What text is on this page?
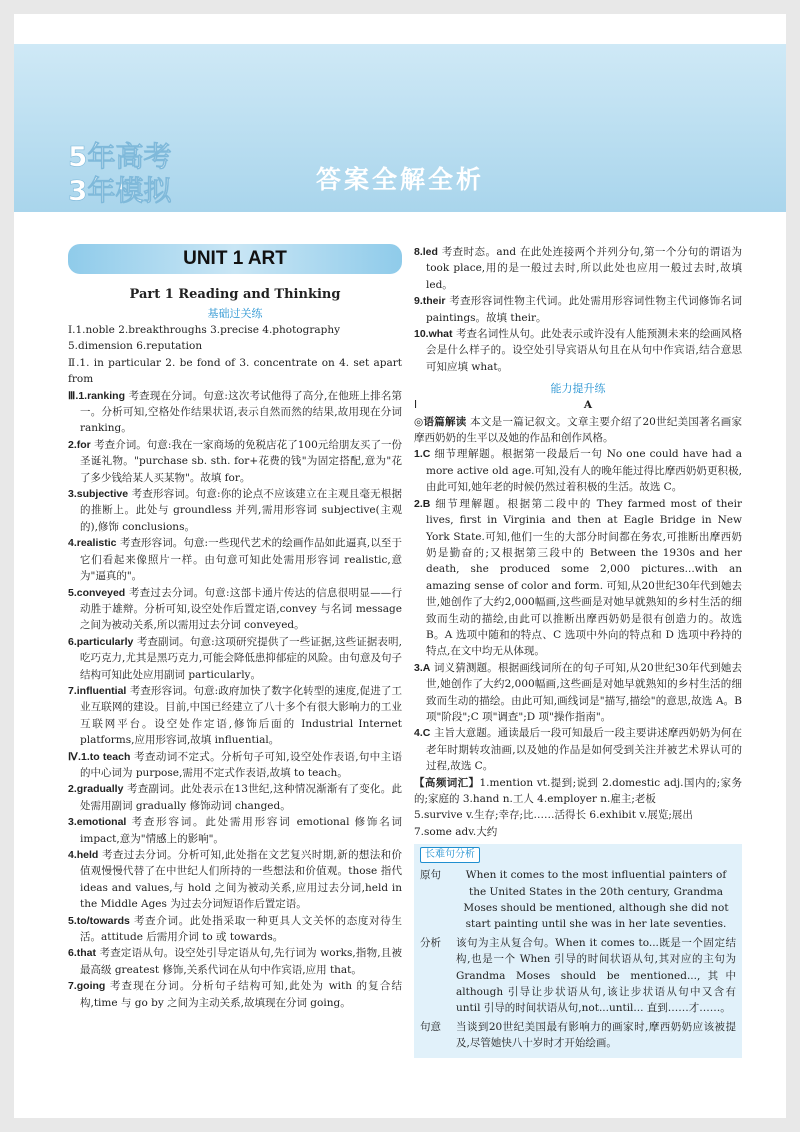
5年高考
3年模拟	答案全解全析
UNIT 1 ART
Part 1 Reading and Thinking
基础过关练

Ⅰ.1.noble 2.breakthroughs 3.precise 4.photography

5.dimension 6.reputation

Ⅱ.1. in particular 2. be fond of 3. concentrate on 4. set apart from

Ⅲ.1.ranking 考查现在分词。句意:这次考试他得了高分,在他班上排名第一。分析可知,空格处作结果状语,表示自然而然的结果,故用现在分词 ranking。

2.for 考查介词。句意:我在一家商场的免税店花了100元给朋友买了一份圣诞礼物。"purchase sb. sth. for+花费的钱"为固定搭配,意为"花了多少钱给某人买某物"。故填 for。

3.subjective 考查形容词。句意:你的论点不应该建立在主观且毫无根据的推断上。此处与 groundless 并列,需用形容词 subjective(主观的),修饰 conclusions。

4.realistic 考查形容词。句意:一些现代艺术的绘画作品如此逼真,以至于它们看起来像照片一样。由句意可知此处需用形容词 realistic,意为"逼真的"。

5.conveyed 考查过去分词。句意:这部卡通片传达的信息很明显——行动胜于雄辩。分析可知,设空处作后置定语,convey 与名词 message 之间为被动关系,所以需用过去分词 conveyed。

6.particularly 考查副词。句意:这项研究提供了一些证据,这些证据表明,吃巧克力,尤其是黑巧克力,可能会降低患抑郁症的风险。由句意及句子结构可知此处应用副词 particularly。

7.influential 考查形容词。句意:政府加快了数字化转型的速度,促进了工业互联网的建设。目前,中国已经建立了八十多个有很大影响力的工业互联网平台。设空处作定语,修饰后面的 Industrial Internet platforms,应用形容词,故填 influential。

Ⅳ.1.to teach 考查动词不定式。分析句子可知,设空处作表语,句中主语的中心词为 purpose,需用不定式作表语,故填 to teach。

2.gradually 考查副词。此处表示在13世纪,这种情况渐渐有了变化。此处需用副词 gradually 修饰动词 changed。

3.emotional 考查形容词。此处需用形容词 emotional 修饰名词 impact,意为"情感上的影响"。

4.held 考查过去分词。分析可知,此处指在文艺复兴时期,新的想法和价值观慢慢代替了在中世纪人们所持的一些想法和价值观。those 指代 ideas and values,与 hold 之间为被动关系,应用过去分词,held in the Middle Ages 为过去分词短语作后置定语。

5.to/towards 考查介词。此处指采取一种更具人文关怀的态度对待生活。attitude 后需用介词 to 或 towards。

6.that 考查定语从句。设空处引导定语从句,先行词为 works,指物,且被最高级 greatest 修饰,关系代词在从句中作宾语,应用 that。

7.going 考查现在分词。分析句子结构可知,此处为 with 的复合结构,time 与 go by 之间为主动关系,故填现在分词 going。

8.led 考查时态。and 在此处连接两个并列分句,第一个分句的谓语为 took place,用的是一般过去时,所以此处也应用一般过去时,故填 led。

9.their 考查形容词性物主代词。此处需用形容词性物主代词修饰名词 paintings。故填 their。

10.what 考查名词性从句。此处表示或许没有人能预测未来的绘画风格会是什么样子的。设空处引导宾语从句且在从句中作宾语,结合意思可知应填 what。

能力提升练
Ⅰ	A

◎语篇解读 本文是一篇记叙文。文章主要介绍了20世纪美国著名画家摩西奶奶的生平以及她的作品和创作风格。

1.C 细节理解题。根据第一段最后一句 No one could have had a more active old age.可知,没有人的晚年能过得比摩西奶奶更积极,由此可知,她年老的时候仍然过着积极的生活。故选 C。

2.B 细节理解题。根据第二段中的 They farmed most of their lives, first in Virginia and then at Eagle Bridge in New York State.可知,他们一生的大部分时间都在务农,可推断出摩西奶奶是勤奋的;又根据第三段中的 Between the 1930s and her death, she produced some 2,000 pictures...with an amazing sense of color and form. 可知,从20世纪30年代到她去世,她创作了大约2,000幅画,这些画是对她早就熟知的乡村生活的细致而生动的描绘,由此可以推断出摩西奶奶是很有创造力的。故选 B。A 选项中随和的特点、C 选项中外向的特点和 D 选项中矜持的特点,在文中均无从体现。

3.A 词义猜测题。根据画线词所在的句子可知,从20世纪30年代到她去世,她创作了大约2,000幅画,这些画是对她早就熟知的乡村生活的细致而生动的描绘。由此可知,画线词是"描写,描绘"的意思,故选 A。B 项"阶段";C 项"调查";D 项"操作指南"。

4.C 主旨大意题。通读最后一段可知最后一段主要讲述摩西奶奶为何在老年时期转攻油画,以及她的作品是如何受到关注并被艺术界认可的过程,故选 C。

【高频词汇】1.mention vt.提到;说到 2.domestic adj.国内的;家务的;家庭的 3.hand n.工人 4.employer n.雇主;老板

5.survive v.生存;幸存;比……活得长 6.exhibit v.展览;展出

7.some adv.大约

长难句分析
原句	When it comes to the most influential painters of the United States in the 20th century, Grandma Moses should be mentioned, although she did not start painting until she was in her late seventies.
分析	该句为主从复合句。When it comes to...既是一个固定结构,也是一个 When 引导的时间状语从句,其对应的主句为 Grandma Moses should be mentioned...,其中 although 引导让步状语从句,该让步状语从句中又含有 until 引导的时间状语从句,not...until... 直到……才……。
句意	当谈到20世纪美国最有影响力的画家时,摩西奶奶应该被提及,尽管她快八十岁时才开始绘画。
